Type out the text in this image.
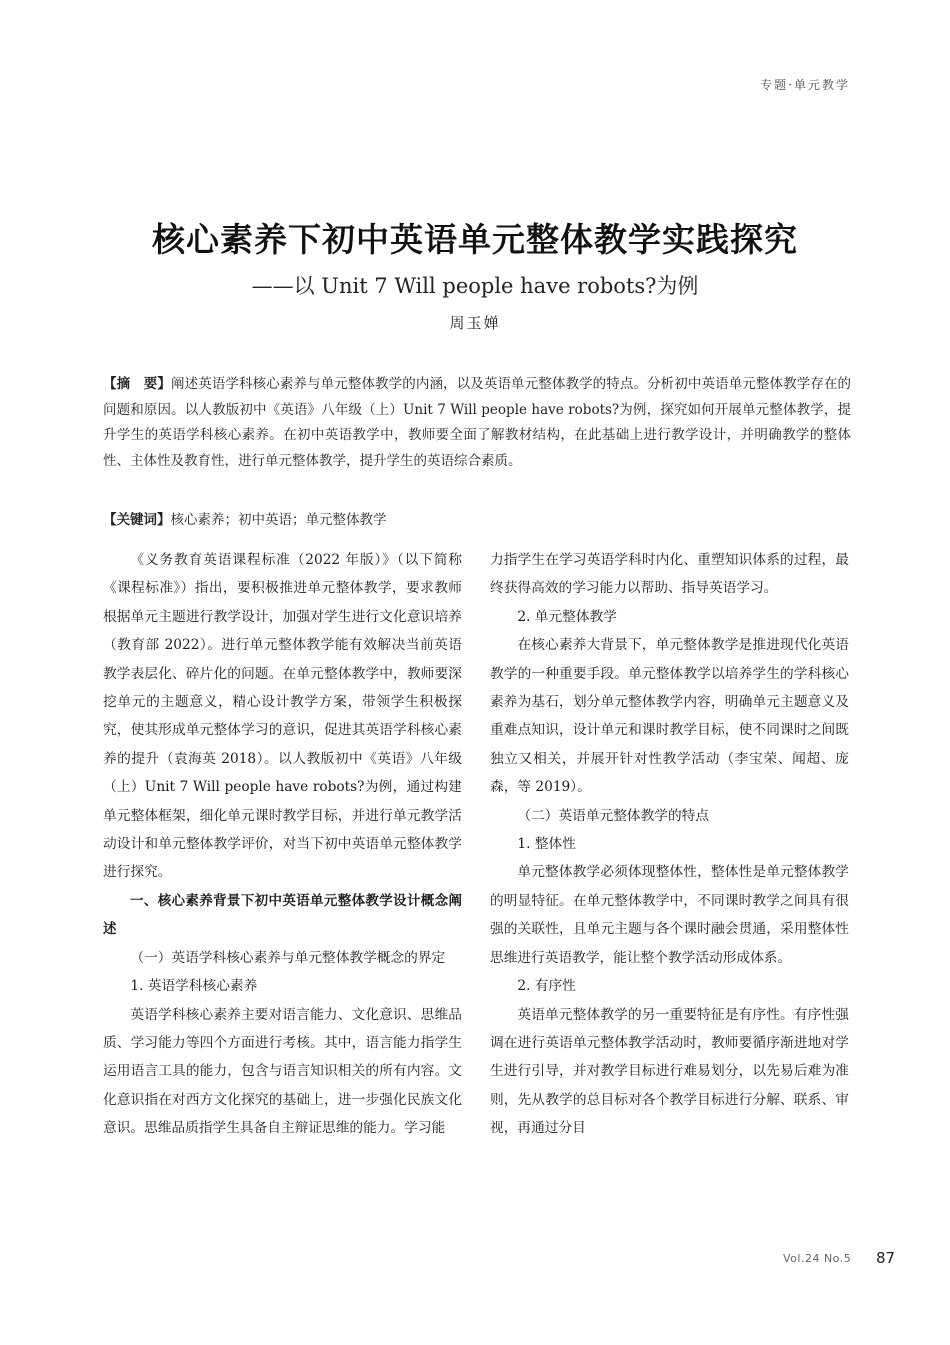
专题·单元教学
核心素养下初中英语单元整体教学实践探究
——以 Unit 7 Will people have robots?为例
周玉婵
【摘　要】阐述英语学科核心素养与单元整体教学的内涵，以及英语单元整体教学的特点。分析初中英语单元整体教学存在的问题和原因。以人教版初中《英语》八年级（上）Unit 7 Will people have robots?为例，探究如何开展单元整体教学，提升学生的英语学科核心素养。在初中英语教学中，教师要全面了解教材结构，在此基础上进行教学设计，并明确教学的整体性、主体性及教育性，进行单元整体教学，提升学生的英语综合素质。
【关键词】核心素养；初中英语；单元整体教学

《义务教育英语课程标准（2022 年版）》（以下简称《课程标准》）指出，要积极推进单元整体教学，要求教师根据单元主题进行教学设计，加强对学生进行文化意识培养（教育部 2022）。进行单元整体教学能有效解决当前英语教学表层化、碎片化的问题。在单元整体教学中，教师要深挖单元的主题意义，精心设计教学方案，带领学生积极探究，使其形成单元整体学习的意识，促进其英语学科核心素养的提升（袁海英 2018）。以人教版初中《英语》八年级（上）Unit 7 Will people have robots?为例，通过构建单元整体框架，细化单元课时教学目标，并进行单元教学活动设计和单元整体教学评价，对当下初中英语单元整体教学进行探究。

一、核心素养背景下初中英语单元整体教学设计概念阐述

（一）英语学科核心素养与单元整体教学概念的界定

1. 英语学科核心素养

英语学科核心素养主要对语言能力、文化意识、思维品质、学习能力等四个方面进行考核。其中，语言能力指学生运用语言工具的能力，包含与语言知识相关的所有内容。文化意识指在对西方文化探究的基础上，进一步强化民族文化意识。思维品质指学生具备自主辩证思维的能力。学习能

力指学生在学习英语学科时内化、重塑知识体系的过程，最终获得高效的学习能力以帮助、指导英语学习。

2. 单元整体教学

在核心素养大背景下，单元整体教学是推进现代化英语教学的一种重要手段。单元整体教学以培养学生的学科核心素养为基石，划分单元整体教学内容，明确单元主题意义及重难点知识，设计单元和课时教学目标，使不同课时之间既独立又相关，并展开针对性教学活动（李宝荣、闻超、庞森，等 2019）。

（二）英语单元整体教学的特点

1. 整体性

单元整体教学必须体现整体性，整体性是单元整体教学的明显特征。在单元整体教学中，不同课时教学之间具有很强的关联性，且单元主题与各个课时融会贯通，采用整体性思维进行英语教学，能让整个教学活动形成体系。

2. 有序性

英语单元整体教学的另一重要特征是有序性。有序性强调在进行英语单元整体教学活动时，教师要循序渐进地对学生进行引导，并对教学目标进行难易划分，以先易后难为准则，先从教学的总目标对各个教学目标进行分解、联系、审视，再通过分目

Vol.24 No.5 87
